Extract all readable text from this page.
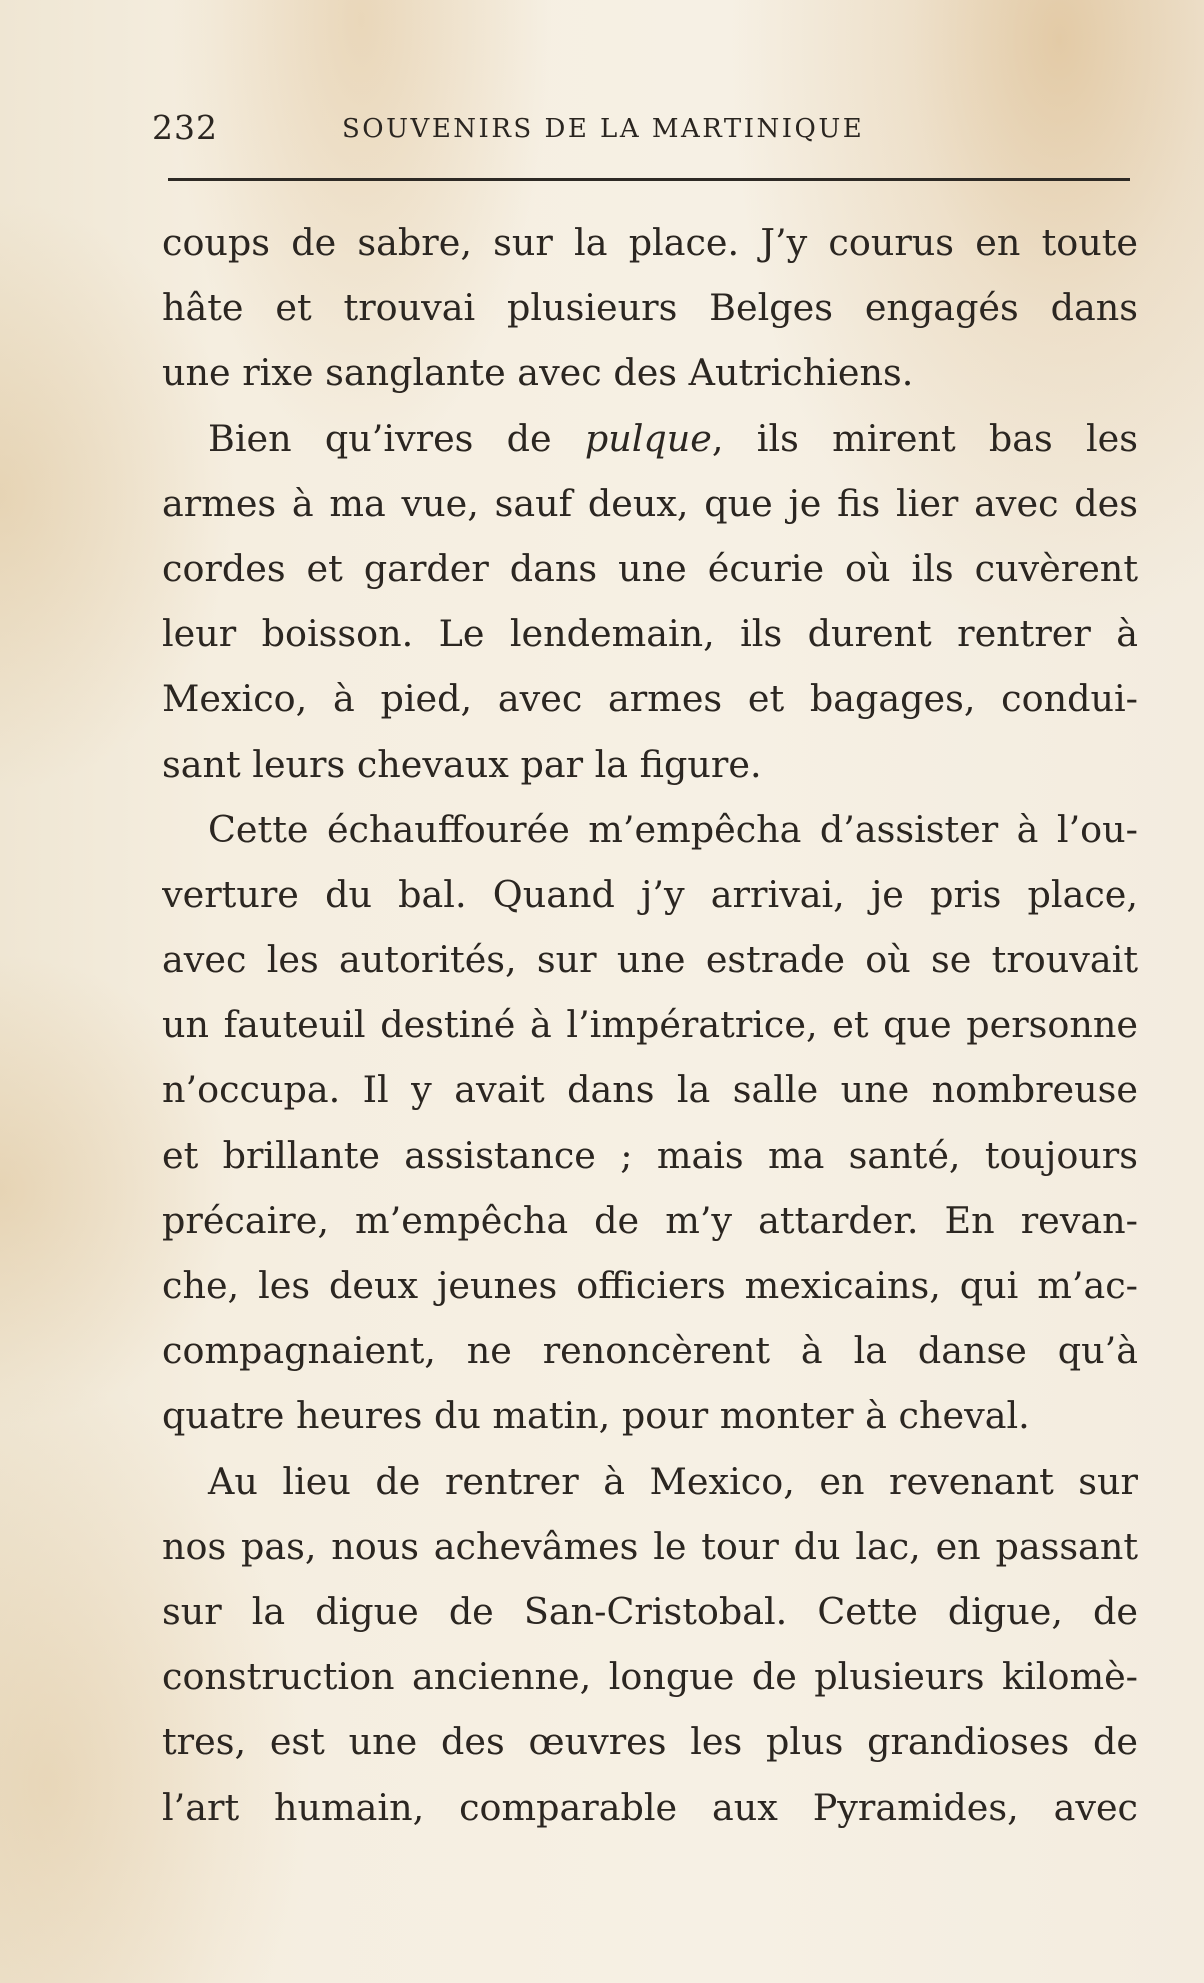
232	SOUVENIRS DE LA MARTINIQUE
coups de sabre, sur la place. J’y courus en toute
hâte et trouvai plusieurs Belges engagés dans
une rixe sanglante avec des Autrichiens.
Bien qu’ivres de pulque, ils mirent bas les
armes à ma vue, sauf deux, que je fis lier avec des
cordes et garder dans une écurie où ils cuvèrent
leur boisson. Le lendemain, ils durent rentrer à
Mexico, à pied, avec armes et bagages, condui-
sant leurs chevaux par la figure.
Cette échauffourée m’empêcha d’assister à l’ou-
verture du bal. Quand j’y arrivai, je pris place,
avec les autorités, sur une estrade où se trouvait
un fauteuil destiné à l’impératrice, et que personne
n’occupa. Il y avait dans la salle une nombreuse
et brillante assistance ; mais ma santé, toujours
précaire, m’empêcha de m’y attarder. En revan-
che, les deux jeunes officiers mexicains, qui m’ac-
compagnaient, ne renoncèrent à la danse qu’à
quatre heures du matin, pour monter à cheval.
Au lieu de rentrer à Mexico, en revenant sur
nos pas, nous achevâmes le tour du lac, en passant
sur la digue de San-Cristobal. Cette digue, de
construction ancienne, longue de plusieurs kilomè-
tres, est une des œuvres les plus grandioses de
l’art humain, comparable aux Pyramides, avec
